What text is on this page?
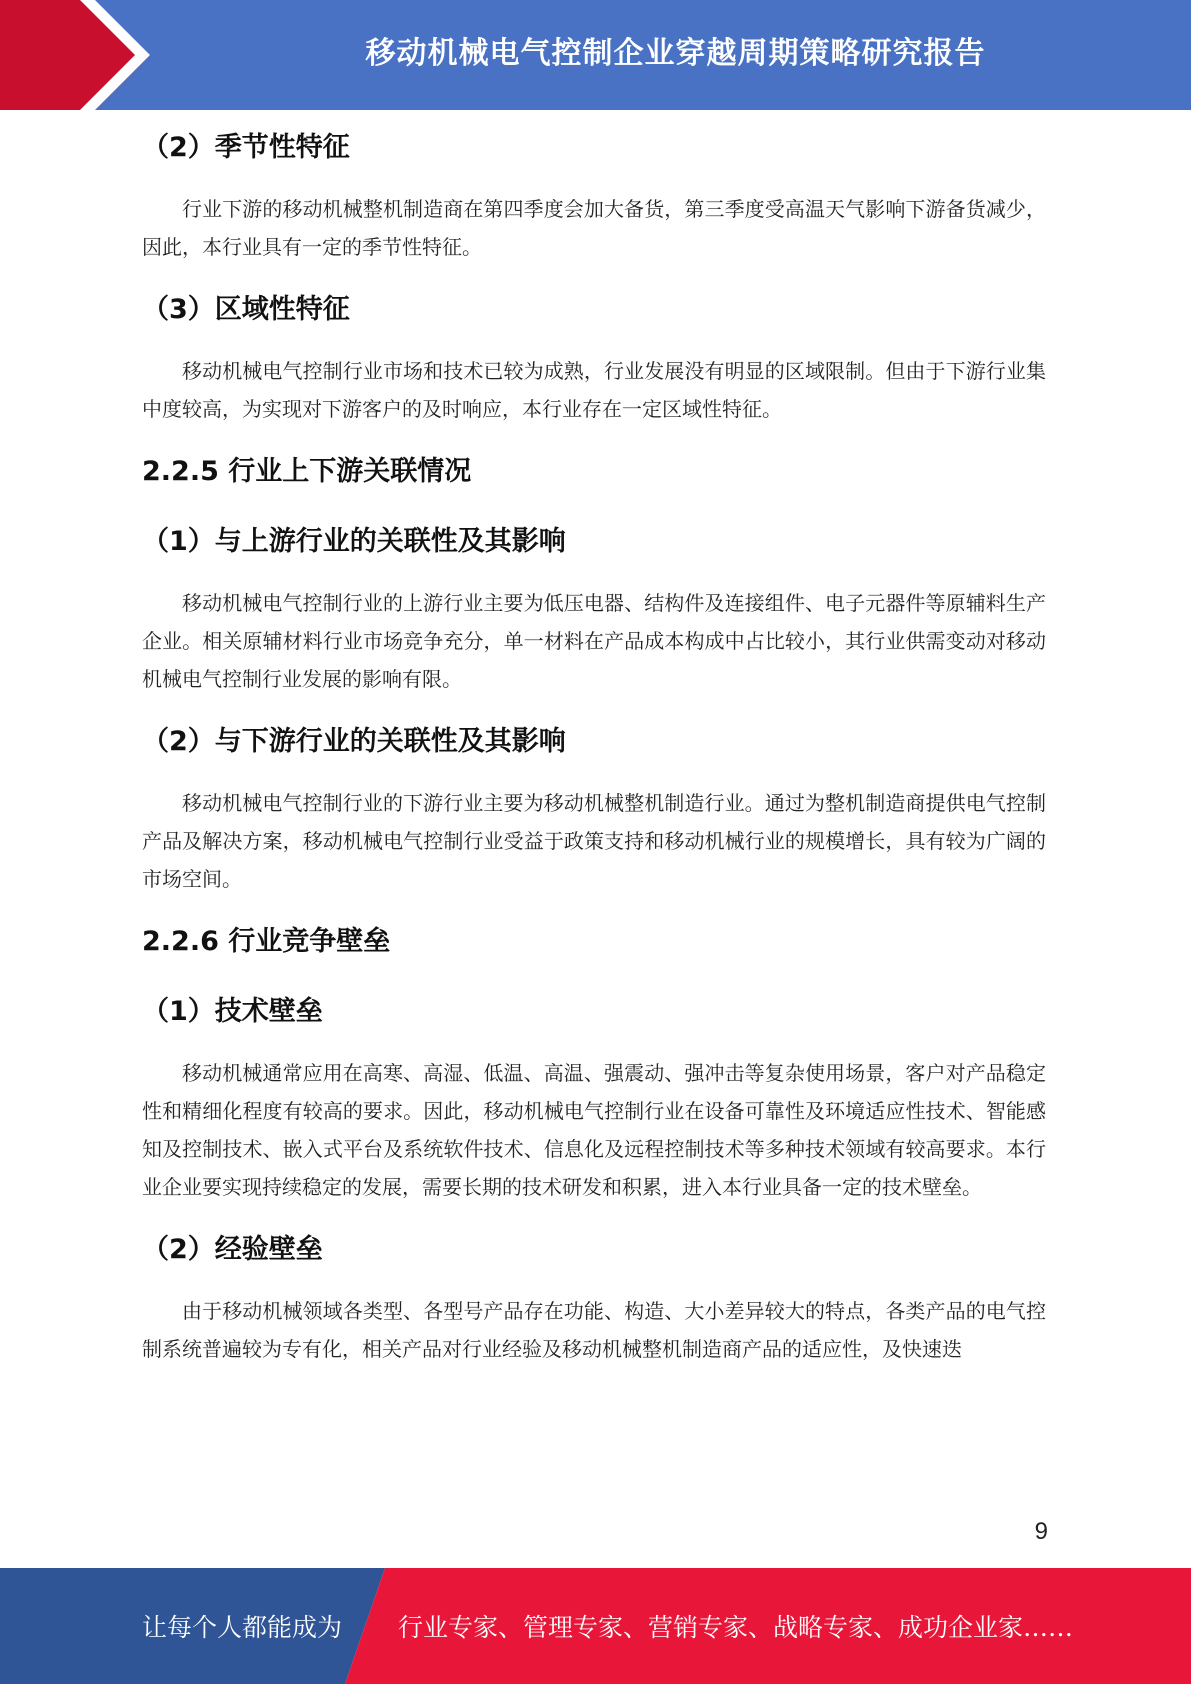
移动机械电气控制企业穿越周期策略研究报告
（2）季节性特征

行业下游的移动机械整机制造商在第四季度会加大备货，第三季度受高温天气影响下游备货减少，因此，本行业具有一定的季节性特征。

（3）区域性特征

移动机械电气控制行业市场和技术已较为成熟，行业发展没有明显的区域限制。但由于下游行业集中度较高，为实现对下游客户的及时响应，本行业存在一定区域性特征。

2.2.5 行业上下游关联情况
（1）与上游行业的关联性及其影响

移动机械电气控制行业的上游行业主要为低压电器、结构件及连接组件、电子元器件等原辅料生产企业。相关原辅材料行业市场竞争充分，单一材料在产品成本构成中占比较小，其行业供需变动对移动机械电气控制行业发展的影响有限。

（2）与下游行业的关联性及其影响

移动机械电气控制行业的下游行业主要为移动机械整机制造行业。通过为整机制造商提供电气控制产品及解决方案，移动机械电气控制行业受益于政策支持和移动机械行业的规模增长，具有较为广阔的市场空间。

2.2.6 行业竞争壁垒
（1）技术壁垒

移动机械通常应用在高寒、高湿、低温、高温、强震动、强冲击等复杂使用场景，客户对产品稳定性和精细化程度有较高的要求。因此，移动机械电气控制行业在设备可靠性及环境适应性技术、智能感知及控制技术、嵌入式平台及系统软件技术、信息化及远程控制技术等多种技术领域有较高要求。本行业企业要实现持续稳定的发展，需要长期的技术研发和积累，进入本行业具备一定的技术壁垒。

（2）经验壁垒

由于移动机械领域各类型、各型号产品存在功能、构造、大小差异较大的特点，各类产品的电气控制系统普遍较为专有化，相关产品对行业经验及移动机械整机制造商产品的适应性，及快速迭

9
让每个人都能成为 行业专家、管理专家、营销专家、战略专家、成功企业家……
